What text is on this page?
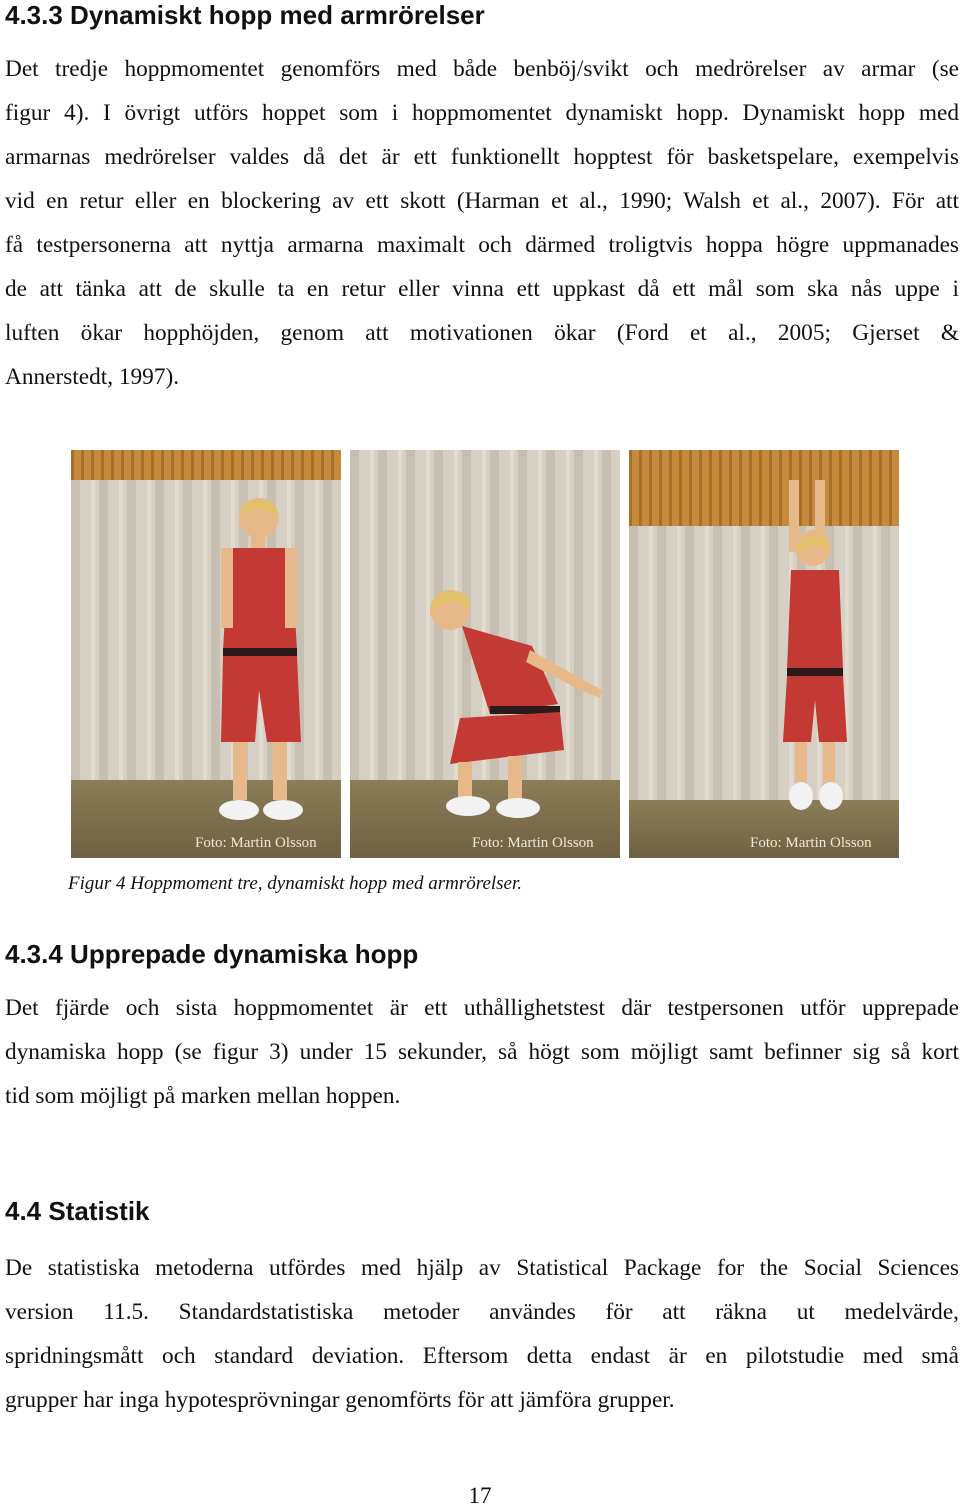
4.3.3 Dynamiskt hopp med armrörelser
Det tredje hoppmomentet genomförs med både benböj/svikt och medrörelser av armar (se
figur 4). I övrigt utförs hoppet som i hoppmomentet dynamiskt hopp. Dynamiskt hopp med
armarnas medrörelser valdes då det är ett funktionellt hopptest för basketspelare, exempelvis
vid en retur eller en blockering av ett skott (Harman et al., 1990; Walsh et al., 2007). För att
få testpersonerna att nyttja armarna maximalt och därmed troligtvis hoppa högre uppmanades
de att tänka att de skulle ta en retur eller vinna ett uppkast då ett mål som ska nås uppe i
luften ökar hopphöjden, genom att motivationen ökar (Ford et al., 2005; Gjerset &
Annerstedt, 1997).
Foto: Martin Olsson	Foto: Martin Olsson	Foto: Martin Olsson

Figur 4 Hoppmoment tre, dynamiskt hopp med armrörelser.

4.3.4 Upprepade dynamiska hopp
Det fjärde och sista hoppmomentet är ett uthållighetstest där testpersonen utför upprepade
dynamiska hopp (se figur 3) under 15 sekunder, så högt som möjligt samt befinner sig så kort
tid som möjligt på marken mellan hoppen.
4.4 Statistik
De statistiska metoderna utfördes med hjälp av Statistical Package for the Social Sciences
version 11.5. Standardstatistiska metoder användes för att räkna ut medelvärde,
spridningsmått och standard deviation. Eftersom detta endast är en pilotstudie med små
grupper har inga hypotesprövningar genomförts för att jämföra grupper.
17
